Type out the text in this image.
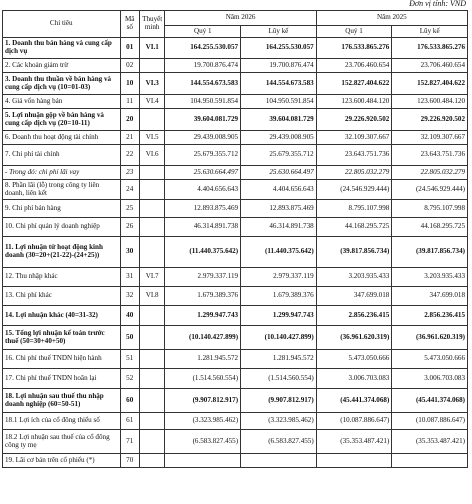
Đơn vị tính: VND
Chỉ tiêu	Mã số	Thuyết minh	Năm 2026		Năm 2025	
			Quý 1	Lũy kế	Quý 1	Lũy kế
1. Doanh thu bán hàng và cung cấp dịch vụ	01	VI.1	164.255.530.057	164.255.530.057	176.533.865.276	176.533.865.276
2. Các khoản giảm trừ	02		19.700.876.474	19.700.876.474	23.706.460.654	23.706.460.654
3. Doanh thu thuần về bán hàng và cung cấp dịch vụ (10=01-03)	10	VI.3	144.554.673.583	144.554.673.583	152.827.404.622	152.827.404.622
4. Giá vốn hàng bán	11	VI.4	104.950.591.854	104.950.591.854	123.600.484.120	123.600.484.120
5. Lợi nhuận gộp về bán hàng và cung cấp dịch vụ (20=10-11)	20		39.604.081.729	39.604.081.729	29.226.920.502	29.226.920.502
6. Doanh thu hoạt động tài chính	21	VI.5	29.439.008.905	29.439.008.905	32.109.307.667	32.109.307.667
7. Chi phí tài chính	22	VI.6	25.679.355.712	25.679.355.712	23.643.751.736	23.643.751.736
- Trong đó: chi phí lãi vay	23		25.630.664.497	25.630.664.497	22.805.032.279	22.805.032.279
8. Phần lãi (lỗ) trong công ty liên doanh, liên kết	24		4.404.656.643	4.404.656.643	(24.546.929.444)	(24.546.929.444)
9. Chi phí bán hàng	25		12.893.875.469	12.893.875.469	8.795.107.998	8.795.107.998
10. Chi phí quản lý doanh nghiệp	26		46.314.891.738	46.314.891.738	44.168.295.725	44.168.295.725
11. Lợi nhuận từ hoạt động kinh doanh (30=20+(21-22)-(24+25))	30		(11.440.375.642)	(11.440.375.642)	(39.817.856.734)	(39.817.856.734)
12. Thu nhập khác	31	VI.7	2.979.337.119	2.979.337.119	3.203.935.433	3.203.935.433
13. Chi phí khác	32	VI.8	1.679.389.376	1.679.389.376	347.699.018	347.699.018
14. Lợi nhuận khác (40=31-32)	40		1.299.947.743	1.299.947.743	2.856.236.415	2.856.236.415
15. Tổng lợi nhuận kế toán trước thuế (50=30+40+50)	50		(10.140.427.899)	(10.140.427.899)	(36.961.620.319)	(36.961.620.319)
16. Chi phí thuế TNDN hiện hành	51		1.281.945.572	1.281.945.572	5.473.050.666	5.473.050.666
17. Chi phí thuế TNDN hoãn lại	52		(1.514.560.554)	(1.514.560.554)	3.006.703.083	3.006.703.083
18. Lợi nhuận sau thuế thu nhập doanh nghiệp (60=50-51)	60		(9.907.812.917)	(9.907.812.917)	(45.441.374.068)	(45.441.374.068)
18.1 Lợi ích của cổ đông thiểu số	61		(3.323.985.462)	(3.323.985.462)	(10.087.886.647)	(10.087.886.647)
18.2 Lợi nhuận sau thuế của cổ đông công ty mẹ	71		(6.583.827.455)	(6.583.827.455)	(35.353.487.421)	(35.353.487.421)
19. Lãi cơ bản trên cổ phiếu (*)	70					
